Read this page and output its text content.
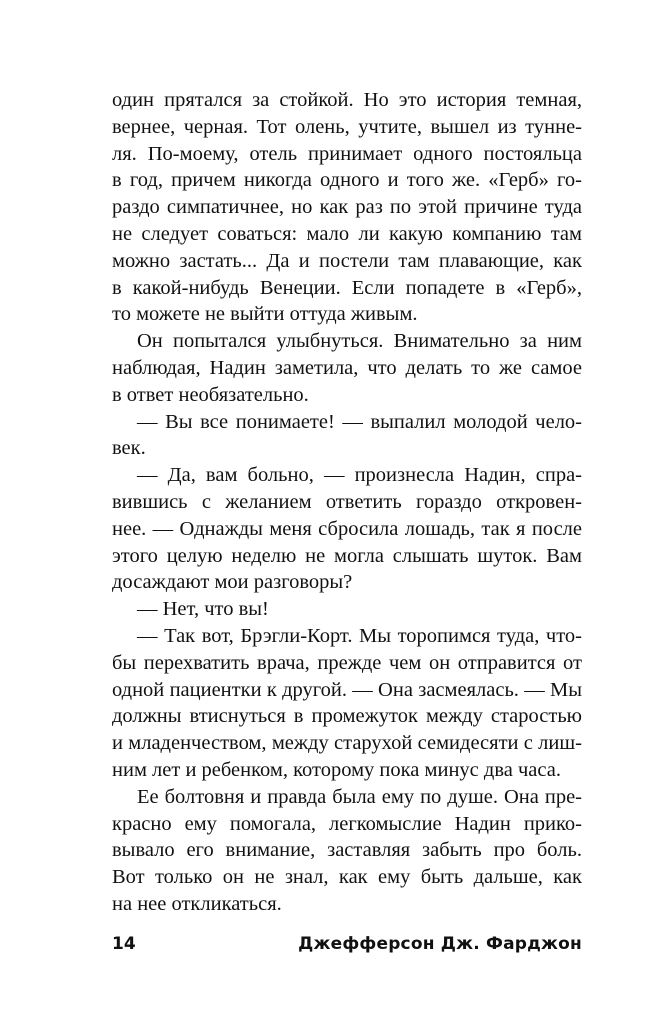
один прятался за стойкой. Но это история темная,
вернее, черная. Тот олень, учтите, вышел из туннe-
ля. По-моему, отель принимает одного постояльца
в год, причем никогда одного и того же. «Герб» го-
раздо симпатичнее, но как раз по этой причине туда
не следует соваться: мало ли какую компанию там
можно застать... Да и постели там плавающие, как
в какой-нибудь Венеции. Если попадете в «Герб»,
то можете не выйти оттуда живым.
Он попытался улыбнуться. Внимательно за ним
наблюдая, Надин заметила, что делать то же самое
в ответ необязательно.
— Вы все понимаете! — выпалил молодой чело-
век.
— Да, вам больно, — произнесла Надин, спра-
вившись с желанием ответить гораздо откровен-
нее. — Однажды меня сбросила лошадь, так я после
этого целую неделю не могла слышать шуток. Вам
досаждают мои разговоры?
— Нет, что вы!
— Так вот, Брэгли-Корт. Мы торопимся туда, что-
бы перехватить врача, прежде чем он отправится от
одной пациентки к другой. — Она засмеялась. — Мы
должны втиснуться в промежуток между старостью
и младенчеством, между старухой семидесяти с лиш-
ним лет и ребенком, которому пока минус два часа.
Ее болтовня и правда была ему по душе. Она пре-
красно ему помогала, легкомыслие Надин прико-
вывало его внимание, заставляя забыть про боль.
Вот только он не знал, как ему быть дальше, как
на нее откликаться.
14	Джефферсон Дж. Фарджон
